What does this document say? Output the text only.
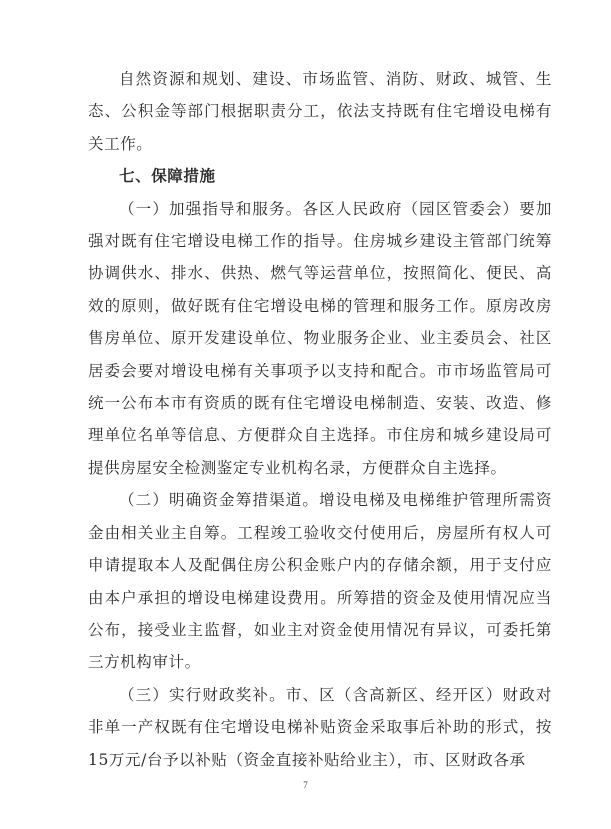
自然资源和规划、建设、市场监管、消防、财政、城管、生态、公积金等部门根据职责分工，依法支持既有住宅增设电梯有关工作。

七、保障措施

（一）加强指导和服务。各区人民政府（园区管委会）要加强对既有住宅增设电梯工作的指导。住房城乡建设主管部门统筹协调供水、排水、供热、燃气等运营单位，按照简化、便民、高效的原则，做好既有住宅增设电梯的管理和服务工作。原房改房售房单位、原开发建设单位、物业服务企业、业主委员会、社区居委会要对增设电梯有关事项予以支持和配合。市市场监管局可统一公布本市有资质的既有住宅增设电梯制造、安装、改造、修理单位名单等信息、方便群众自主选择。市住房和城乡建设局可提供房屋安全检测鉴定专业机构名录，方便群众自主选择。

（二）明确资金筹措渠道。增设电梯及电梯维护管理所需资金由相关业主自筹。工程竣工验收交付使用后，房屋所有权人可申请提取本人及配偶住房公积金账户内的存储余额，用于支付应由本户承担的增设电梯建设费用。所筹措的资金及使用情况应当公布，接受业主监督，如业主对资金使用情况有异议，可委托第三方机构审计。

（三）实行财政奖补。市、区（含高新区、经开区）财政对非单一产权既有住宅增设电梯补贴资金采取事后补助的形式，按15万元/台予以补贴（资金直接补贴给业主），市、区财政各承

7
